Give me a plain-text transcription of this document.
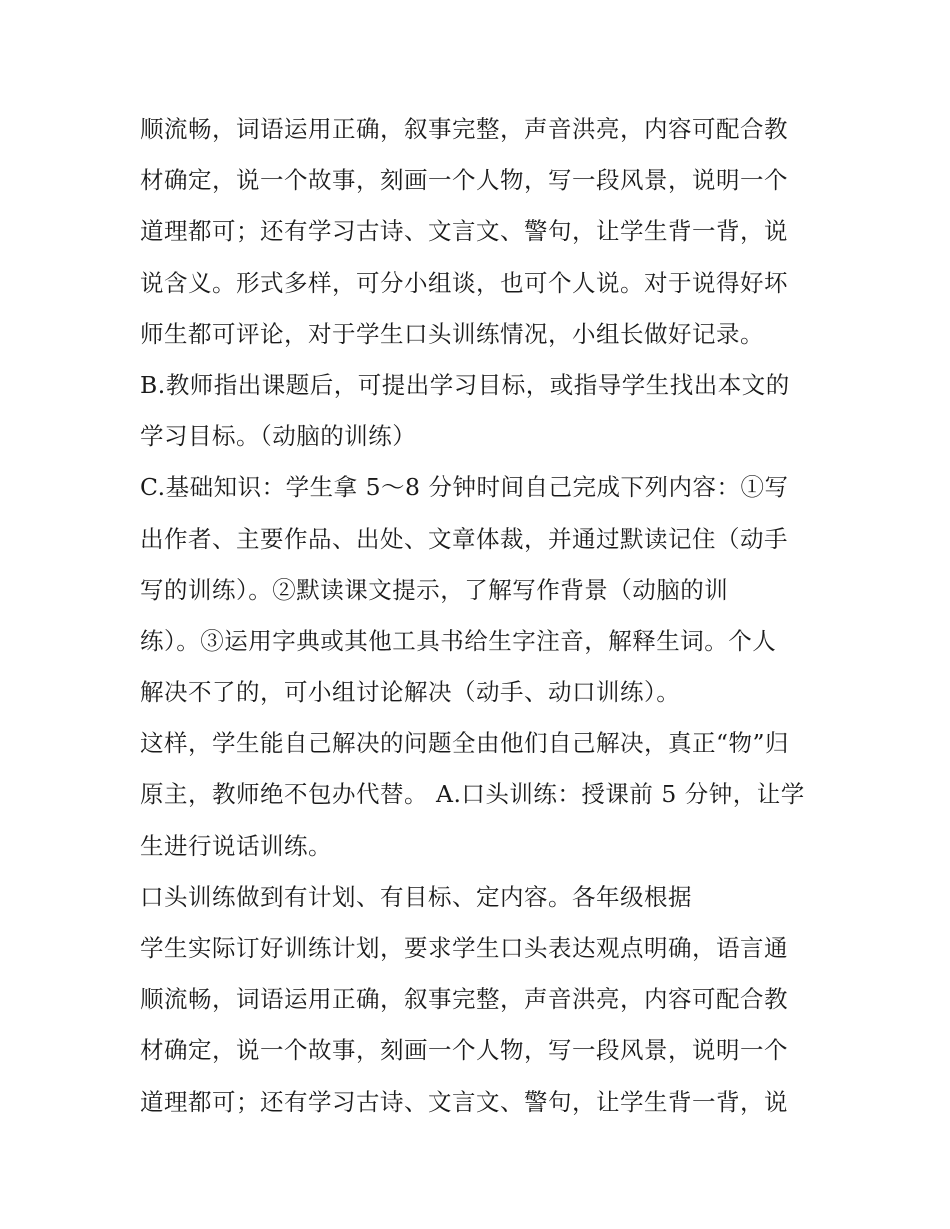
顺流畅，词语运用正确，叙事完整，声音洪亮，内容可配合教
材确定，说一个故事，刻画一个人物，写一段风景，说明一个
道理都可；还有学习古诗、文言文、警句，让学生背一背，说
说含义。形式多样，可分小组谈，也可个人说。对于说得好坏
师生都可评论，对于学生口头训练情况，小组长做好记录。
B.教师指出课题后，可提出学习目标，或指导学生找出本文的
学习目标。（动脑的训练）
C.基础知识：学生拿 5～8 分钟时间自己完成下列内容：①写
出作者、主要作品、出处、文章体裁，并通过默读记住（动手
写的训练）。②默读课文提示，了解写作背景（动脑的训
练）。③运用字典或其他工具书给生字注音，解释生词。个人
解决不了的，可小组讨论解决（动手、动口训练）。
这样，学生能自己解决的问题全由他们自己解决，真正“物”归
原主，教师绝不包办代替。 A.口头训练：授课前 5 分钟，让学
生进行说话训练。
口头训练做到有计划、有目标、定内容。各年级根据
学生实际订好训练计划，要求学生口头表达观点明确，语言通
顺流畅，词语运用正确，叙事完整，声音洪亮，内容可配合教
材确定，说一个故事，刻画一个人物，写一段风景，说明一个
道理都可；还有学习古诗、文言文、警句，让学生背一背，说
